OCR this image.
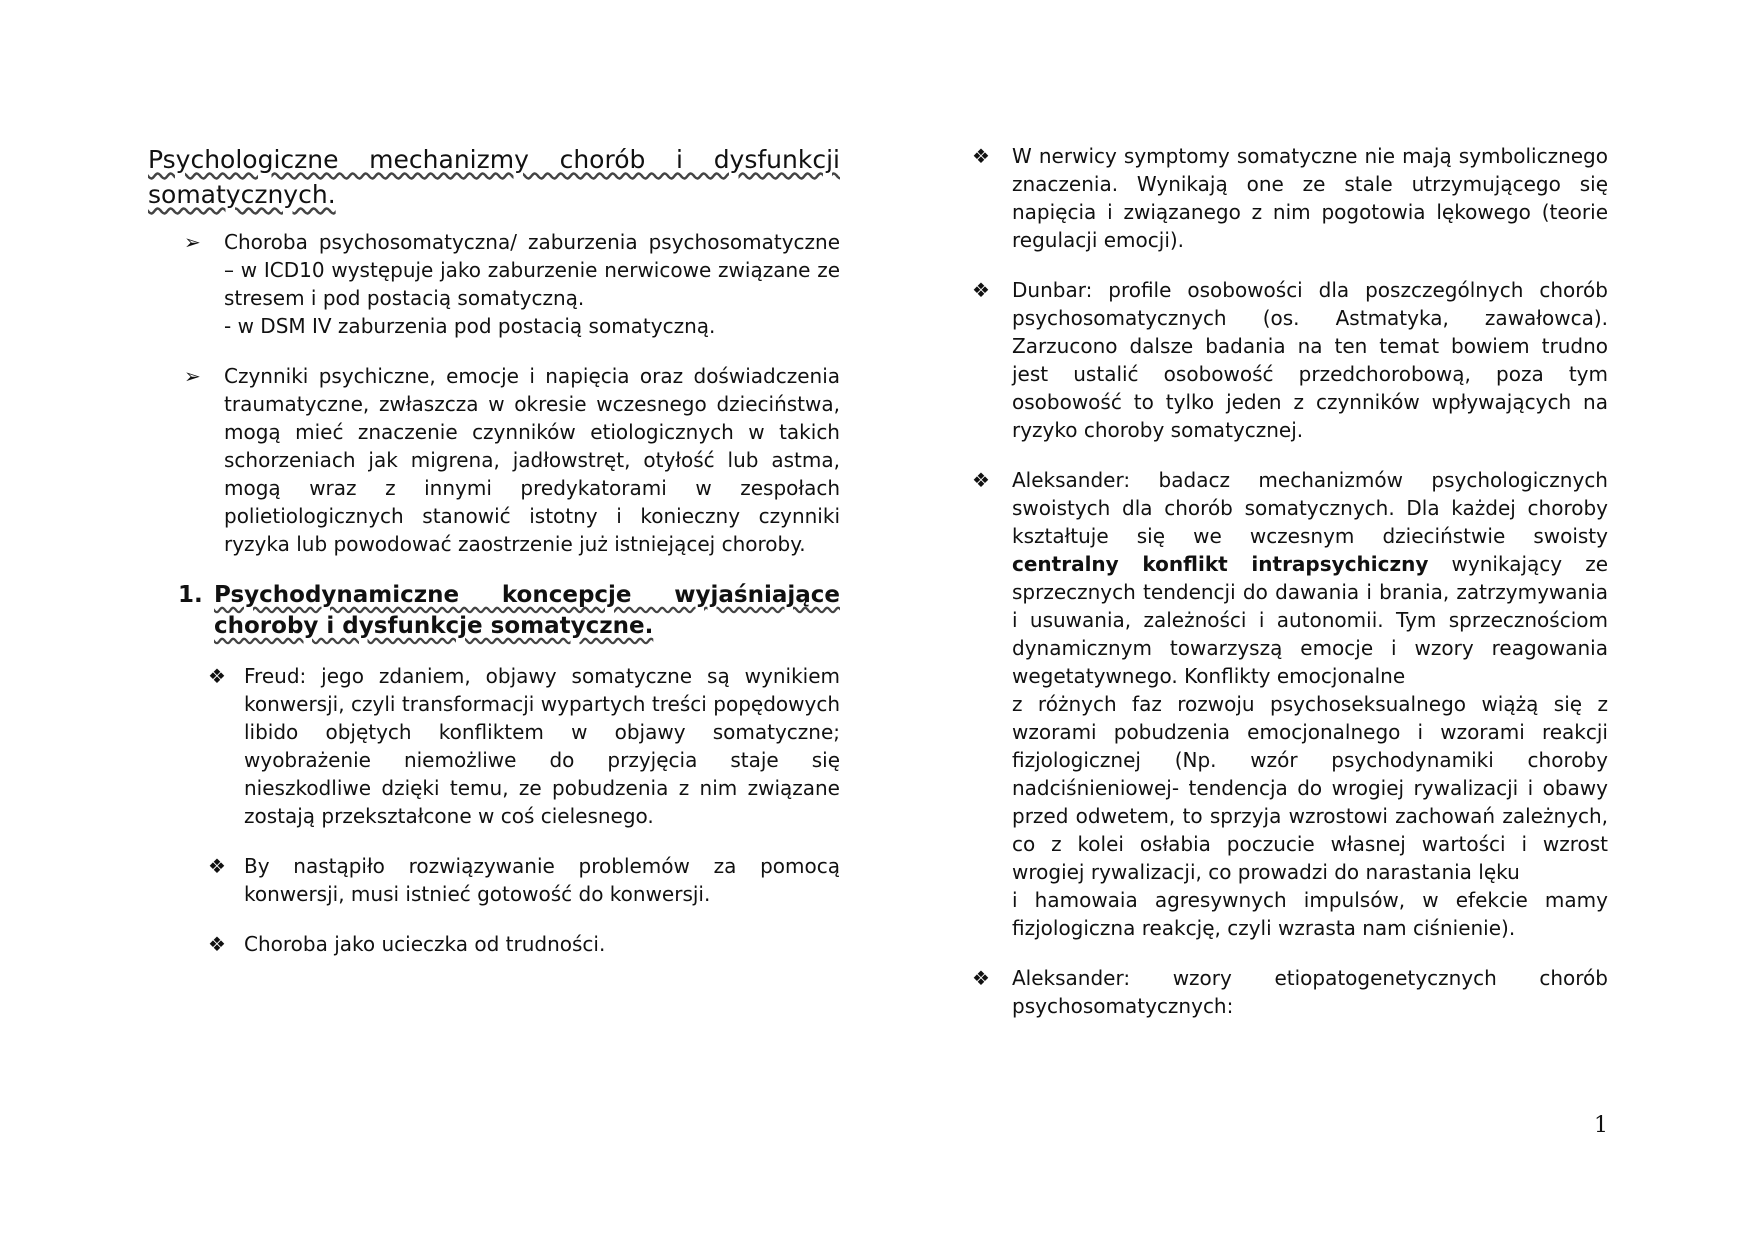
Psychologiczne mechanizmy chorób i dysfunkcji
somatycznych.
➢ Choroba psychosomatyczna/ zaburzenia psychosomatyczne – w ICD10 występuje jako zaburzenie nerwicowe związane ze stresem i pod postacią somatyczną.

- w DSM IV zaburzenia pod postacią somatyczną.

➢ Czynniki psychiczne, emocje i napięcia oraz doświadczenia traumatyczne, zwłaszcza w okresie wczesnego dzieciństwa, mogą mieć znaczenie czynników etiologicznych w takich schorzeniach jak migrena, jadłowstręt, otyłość lub astma, mogą wraz z innymi predykatorami w zespołach polietiologicznych stanowić istotny i konieczny czynniki ryzyka lub powodować zaostrzenie już istniejącej choroby.

1. Psychodynamiczne koncepcje wyjaśniające choroby i dysfunkcje somatyczne.
❖ Freud: jego zdaniem, objawy somatyczne są wynikiem konwersji, czyli transformacji wypartych treści popędowych libido objętych konfliktem w objawy somatyczne; wyobrażenie niemożliwe do przyjęcia staje się nieszkodliwe dzięki temu, ze pobudzenia z nim związane zostają przekształcone w coś cielesnego.

❖ By nastąpiło rozwiązywanie problemów za pomocą konwersji, musi istnieć gotowość do konwersji.

❖ Choroba jako ucieczka od trudności.

❖ W nerwicy symptomy somatyczne nie mają symbolicznego znaczenia. Wynikają one ze stale utrzymującego się napięcia i związanego z nim pogotowia lękowego (teorie regulacji emocji).

❖ Dunbar: profile osobowości dla poszczególnych chorób psychosomatycznych (os. Astmatyka, zawałowca). Zarzucono dalsze badania na ten temat bowiem trudno jest ustalić osobowość przedchorobową, poza tym osobowość to tylko jeden z czynników wpływających na ryzyko choroby somatycznej.

❖ Aleksander: badacz mechanizmów psychologicznych swoistych dla chorób somatycznych. Dla każdej choroby kształtuje się we wczesnym dzieciństwie swoisty centralny konflikt intrapsychiczny wynikający ze sprzecznych tendencji do dawania i brania, zatrzymywania i usuwania, zależności i autonomii. Tym sprzecznościom dynamicznym towarzyszą emocje i wzory reagowania wegetatywnego. Konflikty emocjonalne

z różnych faz rozwoju psychoseksualnego wiążą się z wzorami pobudzenia emocjonalnego i wzorami reakcji fizjologicznej (Np. wzór psychodynamiki choroby nadciśnieniowej- tendencja do wrogiej rywalizacji i obawy przed odwetem, to sprzyja wzrostowi zachowań zależnych, co z kolei osłabia poczucie własnej wartości i wzrost wrogiej rywalizacji, co prowadzi do narastania lęku

i hamowaia agresywnych impulsów, w efekcie mamy fizjologiczna reakcję, czyli wzrasta nam ciśnienie).

❖ Aleksander: wzory etiopatogenetycznych chorób psychosomatycznych:

1
